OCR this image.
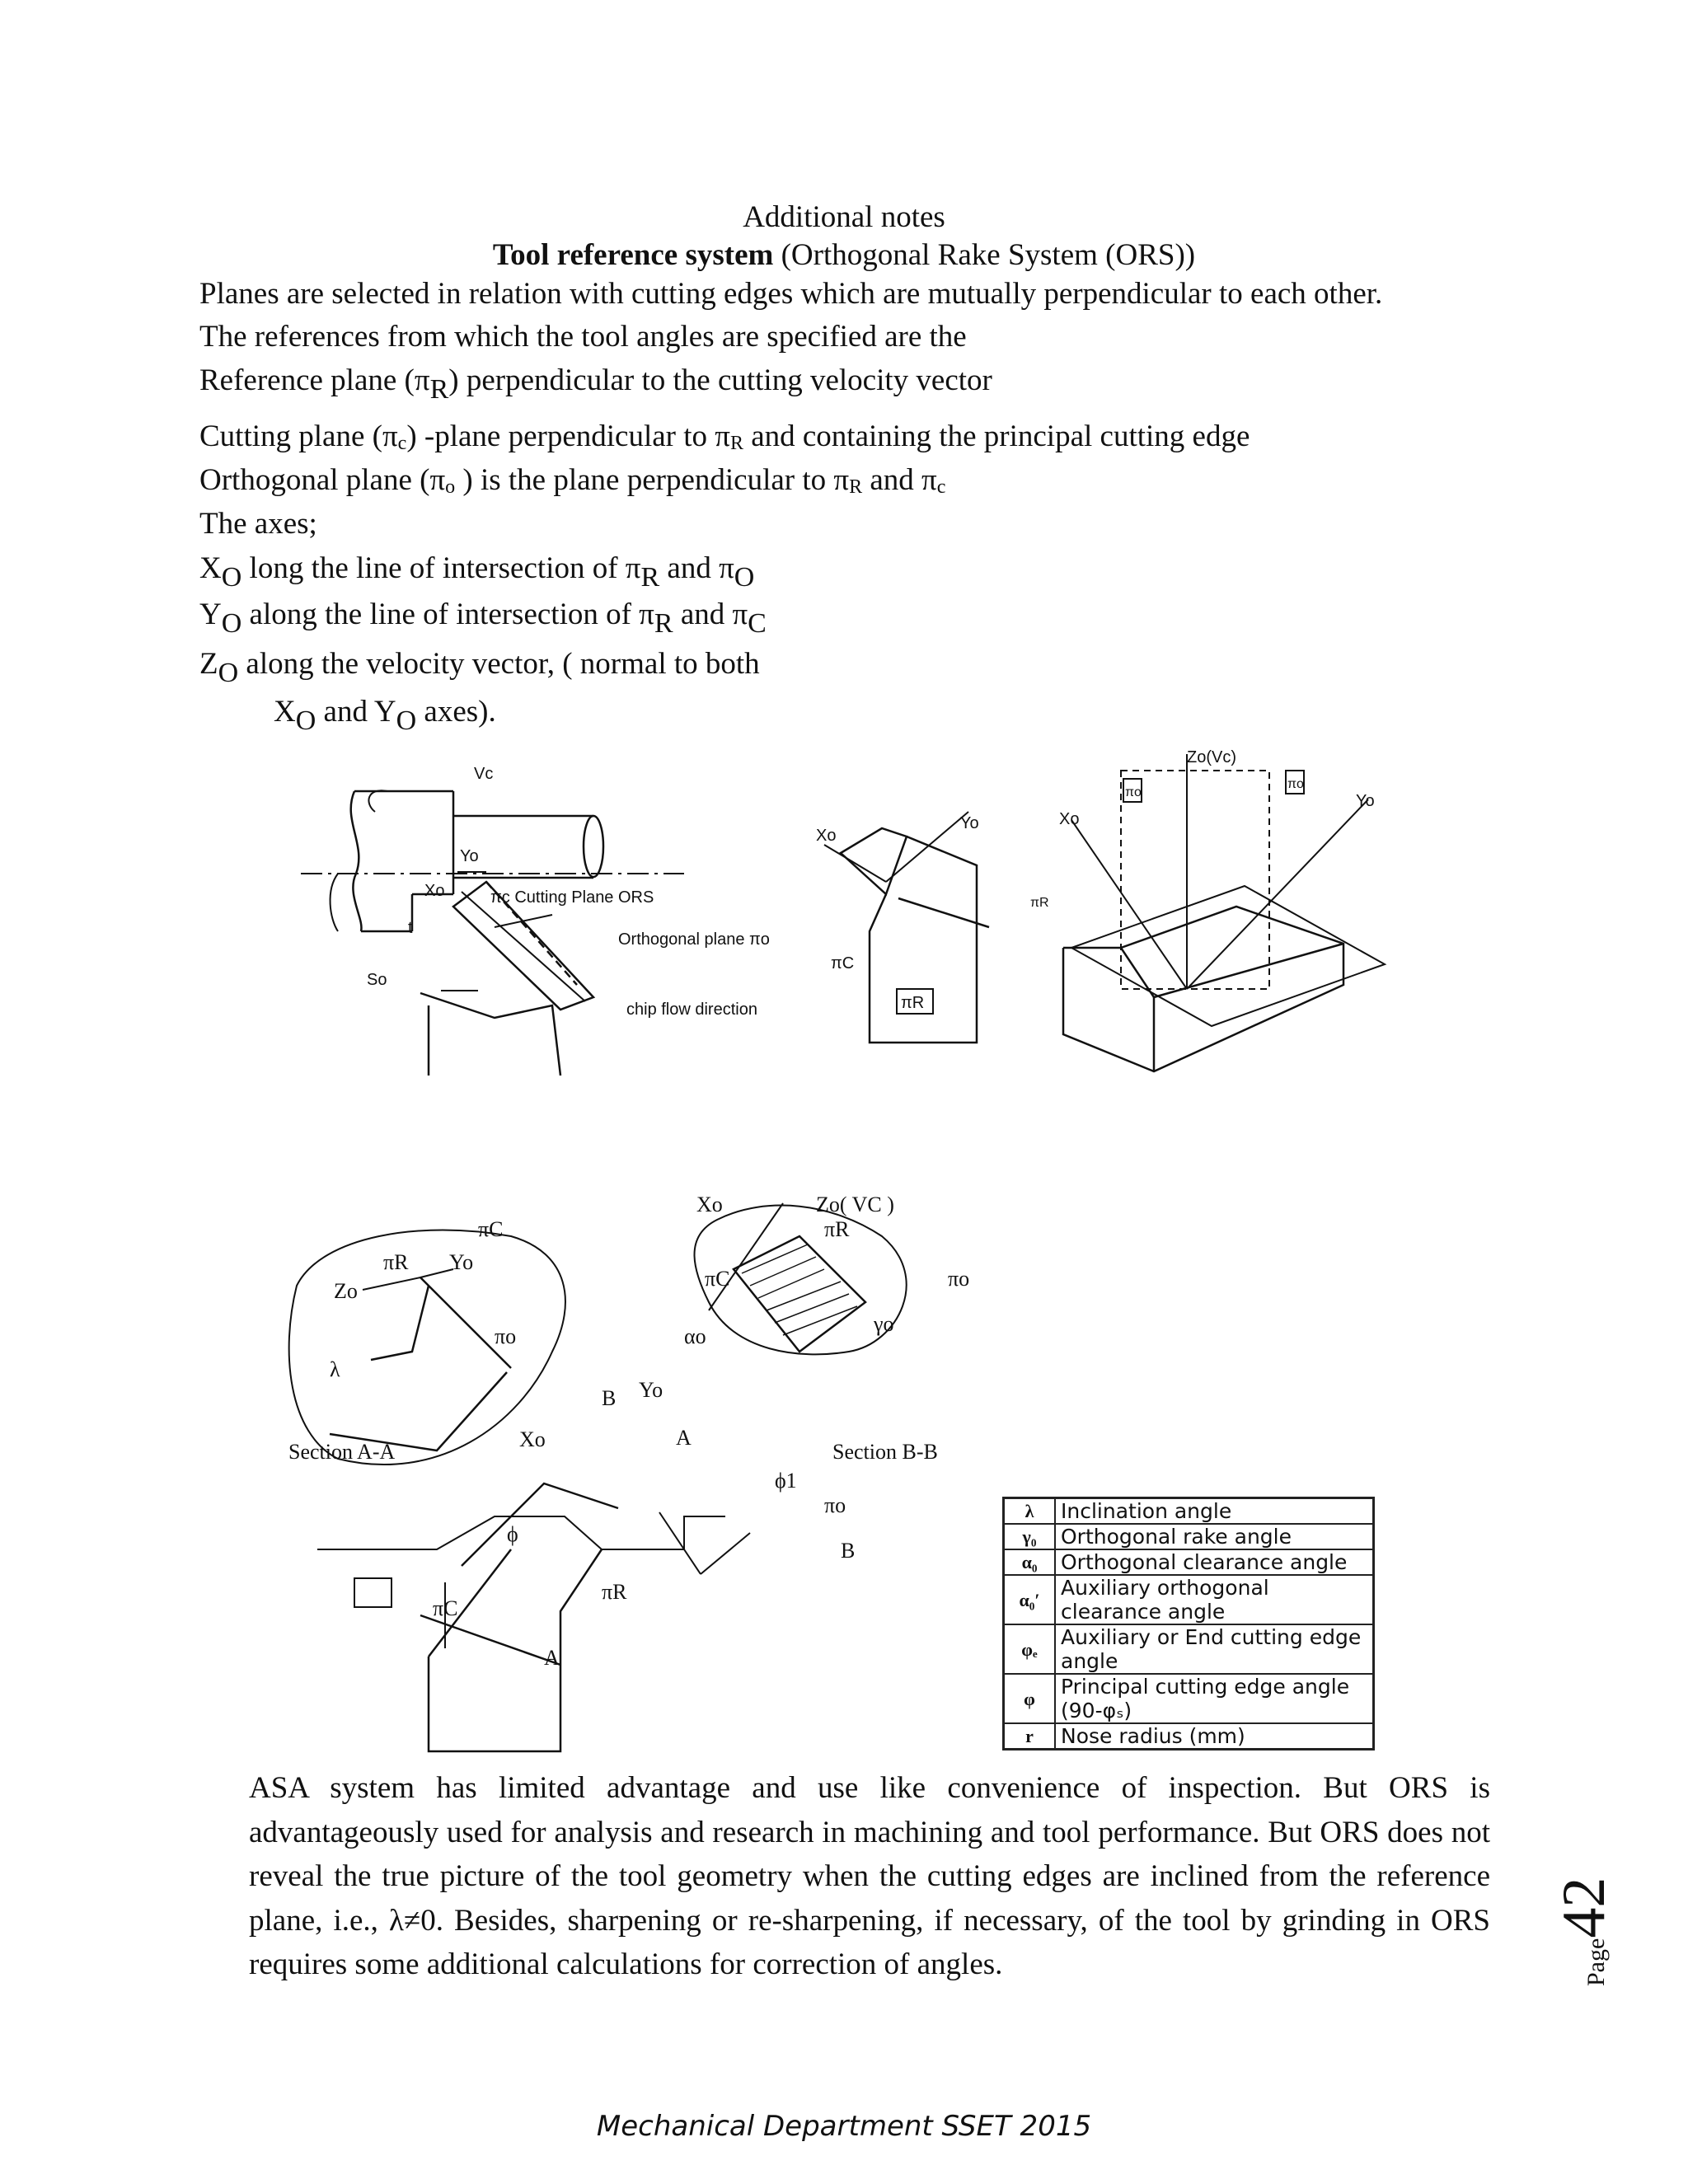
Additional notes
Tool reference system (Orthogonal Rake System (ORS))
Planes are selected in relation with cutting edges which are mutually perpendicular to each other.
The references from which the tool angles are specified are the
Reference plane $(\pi_R)$ perpendicular to the cutting velocity vector
Cutting plane $(\pi_c)$ -plane perpendicular to $\pi_R$ and containing the principal cutting edge
Orthogonal plane ($\pi_o$ ) is the plane perpendicular to $\pi_R$ and $\pi_c$
The axes;
$X_O$ long the line of intersection of $\pi_R$ and $\pi_O$
$Y_O$ along the line of intersection of $\pi_R$ and $\pi_C$
$Z_O$ along the velocity vector, ( normal to both
$X_O$ and $Y_O$ axes).
Vc
Yo
Xo
t
So
πc Cutting Plane ORS
Orthogonal plane πo
chip flow direction
Xo
Yo
πC
πR
Zo(Vc)
Xo
Yo
πo
πo
πR
Section A-A	Section B-B
Zo
πR Yo
πC
πo
λ
B Yo
Xo	A
ϕ1
πo
B
ϕ
πR
πC
A
Xo	Zo( VC )
πR
πC	πo
αo
γo
λ	Inclination angle
γ₀	Orthogonal rake angle
α₀	Orthogonal clearance angle
α₀′	Auxiliary orthogonal clearance angle
φₑ	Auxiliary or End cutting edge angle
φ	Principal cutting edge angle (90-φₛ)
r	Nose radius (mm)
ASA system has limited advantage and use like convenience of inspection. But ORS is advantageously used for analysis and research in machining and tool performance. But ORS does not reveal the true picture of the tool geometry when the cutting edges are inclined from the reference plane, i.e., λ≠0. Besides, sharpening or re-sharpening, if necessary, of the tool by grinding in ORS requires some additional calculations for correction of angles.	Page42
Mechanical Department SSET 2015
